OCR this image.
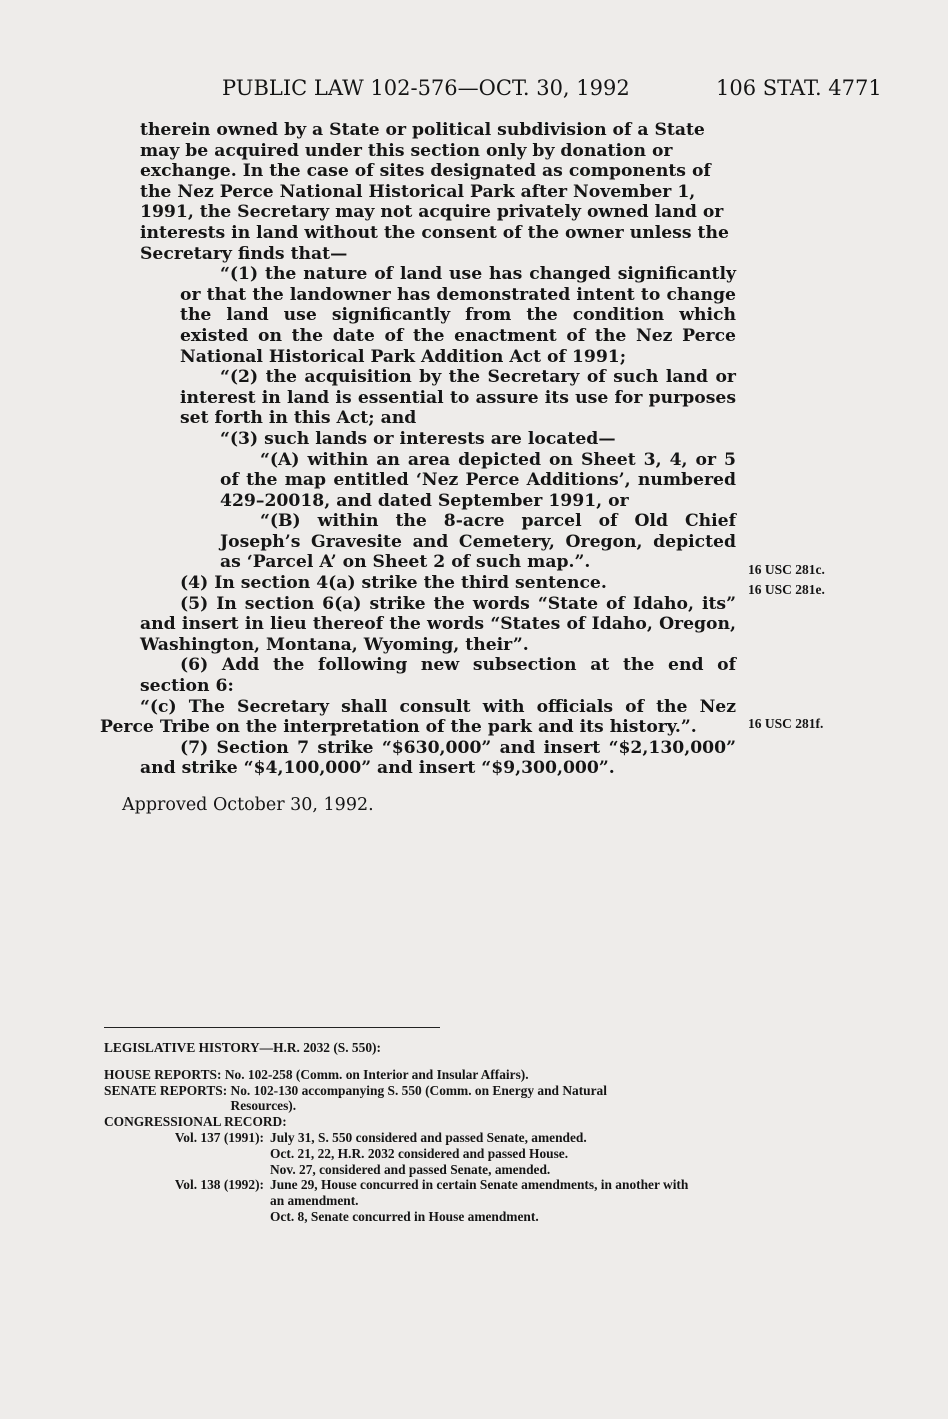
PUBLIC LAW 102-576—OCT. 30, 1992	106 STAT. 4771

therein owned by a State or political subdivision of a State may be acquired under this section only by donation or exchange. In the case of sites designated as components of the Nez Perce National Historical Park after November 1, 1991, the Secretary may not acquire privately owned land or interests in land without the consent of the owner unless the Secretary finds that—

“(1) the nature of land use has changed significantly or that the landowner has demonstrated intent to change the land use significantly from the condition which existed on the date of the enactment of the Nez Perce National Historical Park Addition Act of 1991;

“(2) the acquisition by the Secretary of such land or interest in land is essential to assure its use for purposes set forth in this Act; and

“(3) such lands or interests are located—

“(A) within an area depicted on Sheet 3, 4, or 5 of the map entitled ‘Nez Perce Additions’, numbered 429–20018, and dated September 1991, or

“(B) within the 8-acre parcel of Old Chief Joseph’s Gravesite and Cemetery, Oregon, depicted as ‘Parcel A’ on Sheet 2 of such map.”.

(4) In section 4(a) strike the third sentence.

(5) In section 6(a) strike the words “State of Idaho, its” and insert in lieu thereof the words “States of Idaho, Oregon, Washington, Montana, Wyoming, their”.

(6) Add the following new subsection at the end of section 6:

“(c) The Secretary shall consult with officials of the Nez Perce Tribe on the interpretation of the park and its history.”.

(7) Section 7 strike “$630,000” and insert “$2,130,000” and strike “$4,100,000” and insert “$9,300,000”.

Approved October 30, 1992.

16 USC 281c.
16 USC 281e.
16 USC 281f.
LEGISLATIVE HISTORY—H.R. 2032 (S. 550):
HOUSE REPORTS:
No. 102-258 (Comm. on Interior and Insular Affairs).
SENATE REPORTS:
No. 102-130 accompanying S. 550 (Comm. on Energy and Natural Resources).
CONGRESSIONAL RECORD:
Vol. 137 (1991): July 31, S. 550 considered and passed Senate, amended.
Oct. 21, 22, H.R. 2032 considered and passed House.
Nov. 27, considered and passed Senate, amended.
Vol. 138 (1992): June 29, House concurred in certain Senate amendments, in another with an amendment.
Oct. 8, Senate concurred in House amendment.
